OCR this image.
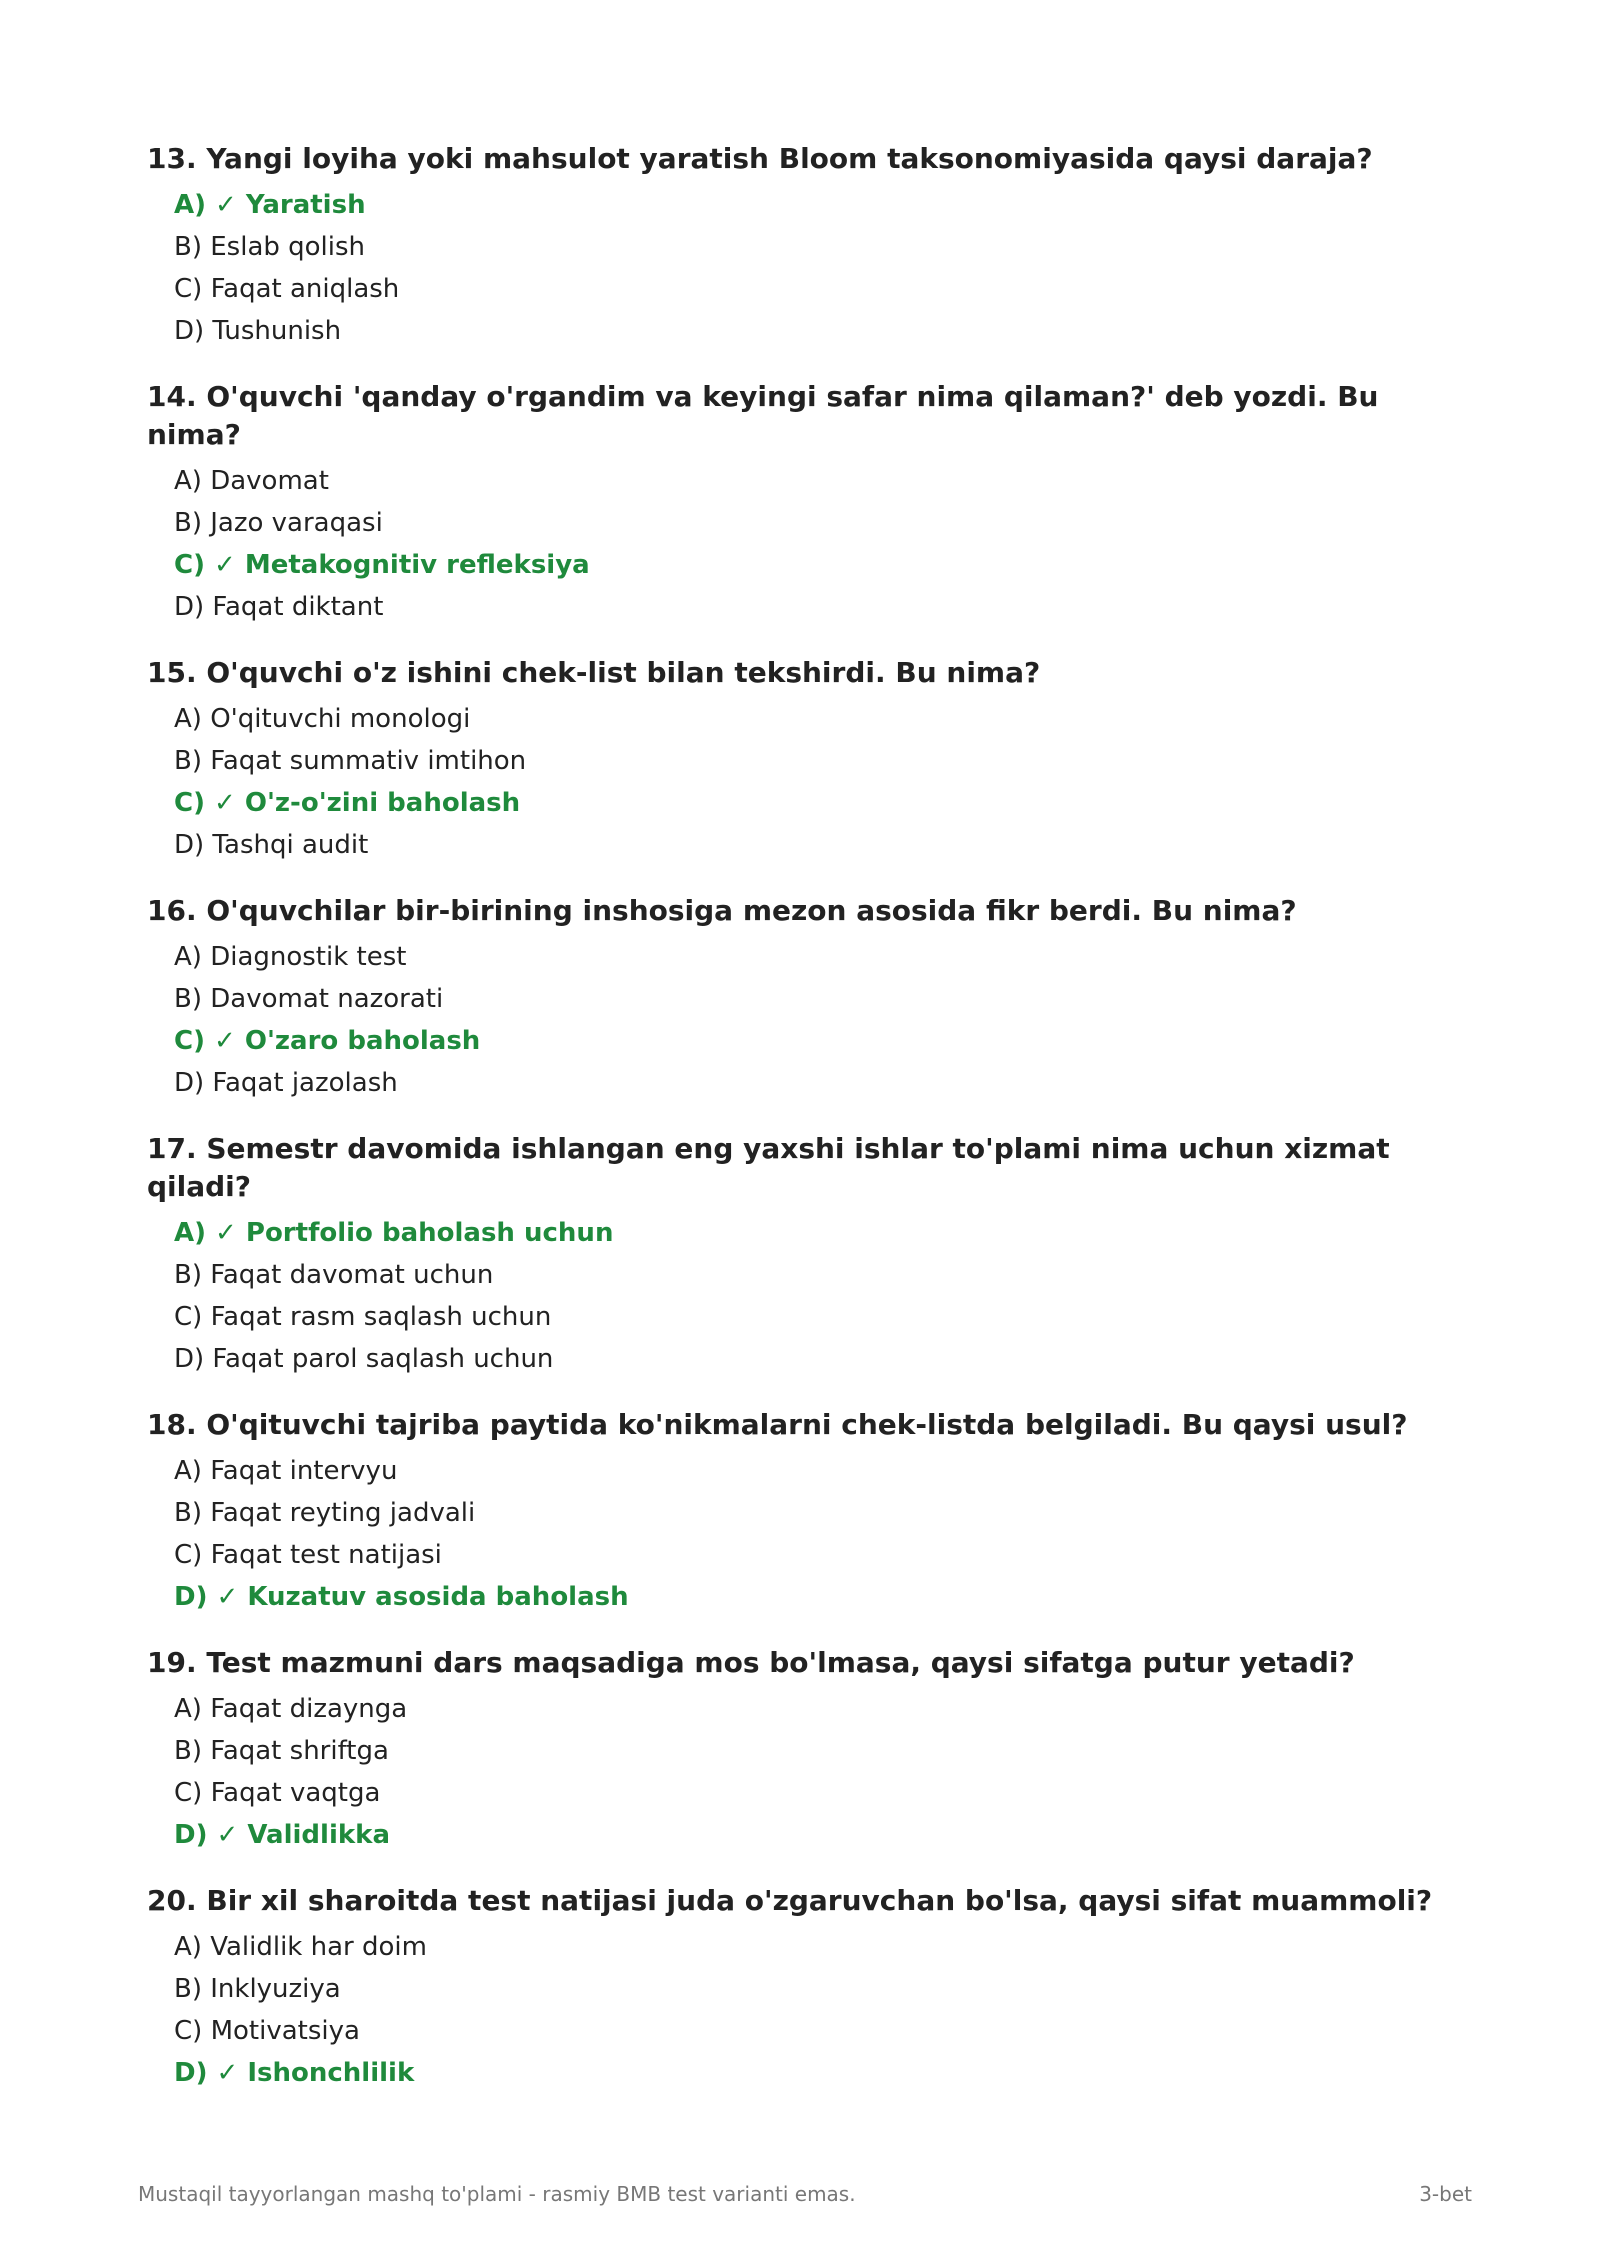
13. Yangi loyiha yoki mahsulot yaratish Bloom taksonomiyasida qaysi daraja?
A) ✓ Yaratish
B) Eslab qolish
C) Faqat aniqlash
D) Tushunish
14. O'quvchi 'qanday o'rgandim va keyingi safar nima qilaman?' deb yozdi. Bu nima?
A) Davomat
B) Jazo varaqasi
C) ✓ Metakognitiv refleksiya
D) Faqat diktant
15. O'quvchi o'z ishini chek-list bilan tekshirdi. Bu nima?
A) O'qituvchi monologi
B) Faqat summativ imtihon
C) ✓ O'z-o'zini baholash
D) Tashqi audit
16. O'quvchilar bir-birining inshosiga mezon asosida fikr berdi. Bu nima?
A) Diagnostik test
B) Davomat nazorati
C) ✓ O'zaro baholash
D) Faqat jazolash
17. Semestr davomida ishlangan eng yaxshi ishlar to'plami nima uchun xizmat qiladi?
A) ✓ Portfolio baholash uchun
B) Faqat davomat uchun
C) Faqat rasm saqlash uchun
D) Faqat parol saqlash uchun
18. O'qituvchi tajriba paytida ko'nikmalarni chek-listda belgiladi. Bu qaysi usul?
A) Faqat intervyu
B) Faqat reyting jadvali
C) Faqat test natijasi
D) ✓ Kuzatuv asosida baholash
19. Test mazmuni dars maqsadiga mos bo'lmasa, qaysi sifatga putur yetadi?
A) Faqat dizaynga
B) Faqat shriftga
C) Faqat vaqtga
D) ✓ Validlikka
20. Bir xil sharoitda test natijasi juda o'zgaruvchan bo'lsa, qaysi sifat muammoli?
A) Validlik har doim
B) Inklyuziya
C) Motivatsiya
D) ✓ Ishonchlilik
Mustaqil tayyorlangan mashq to'plami - rasmiy BMB test varianti emas.	3-bet
